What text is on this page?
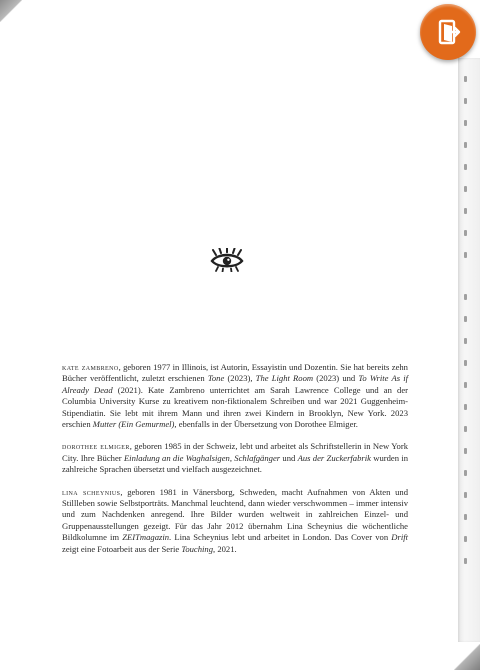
kate zambreno, geboren 1977 in Illinois, ist Autorin, Essayistin und Dozentin. Sie hat bereits zehn Bücher veröffentlicht, zuletzt erschienen Tone (2023), The Light Room (2023) und To Write As if Already Dead (2021). Kate Zambreno unterrichtet am Sarah Lawrence College und an der Columbia University Kurse zu kreativem non-fiktionalem Schreiben und war 2021 Guggenheim-Stipendiatin. Sie lebt mit ihrem Mann und ihren zwei Kindern in Brooklyn, New York. 2023 erschien Mutter (Ein Gemurmel), ebenfalls in der Übersetzung von Dorothee Elmiger.

dorothee elmiger, geboren 1985 in der Schweiz, lebt und arbeitet als Schriftstellerin in New York City. Ihre Bücher Einladung an die Waghalsigen, Schlafgänger und Aus der Zuckerfabrik wurden in zahlreiche Sprachen übersetzt und vielfach ausgezeichnet.

lina scheynius, geboren 1981 in Vänersborg, Schweden, macht Aufnahmen von Akten und Stillleben sowie Selbstporträts. Manchmal leuchtend, dann wieder verschwommen – immer intensiv und zum Nachdenken anregend. Ihre Bilder wurden weltweit in zahlreichen Einzel- und Gruppenausstellungen gezeigt. Für das Jahr 2012 übernahm Lina Scheynius die wöchentliche Bildkolumne im ZEITmagazin. Lina Scheynius lebt und arbeitet in London. Das Cover von Drift zeigt eine Fotoarbeit aus der Serie Touching, 2021.
